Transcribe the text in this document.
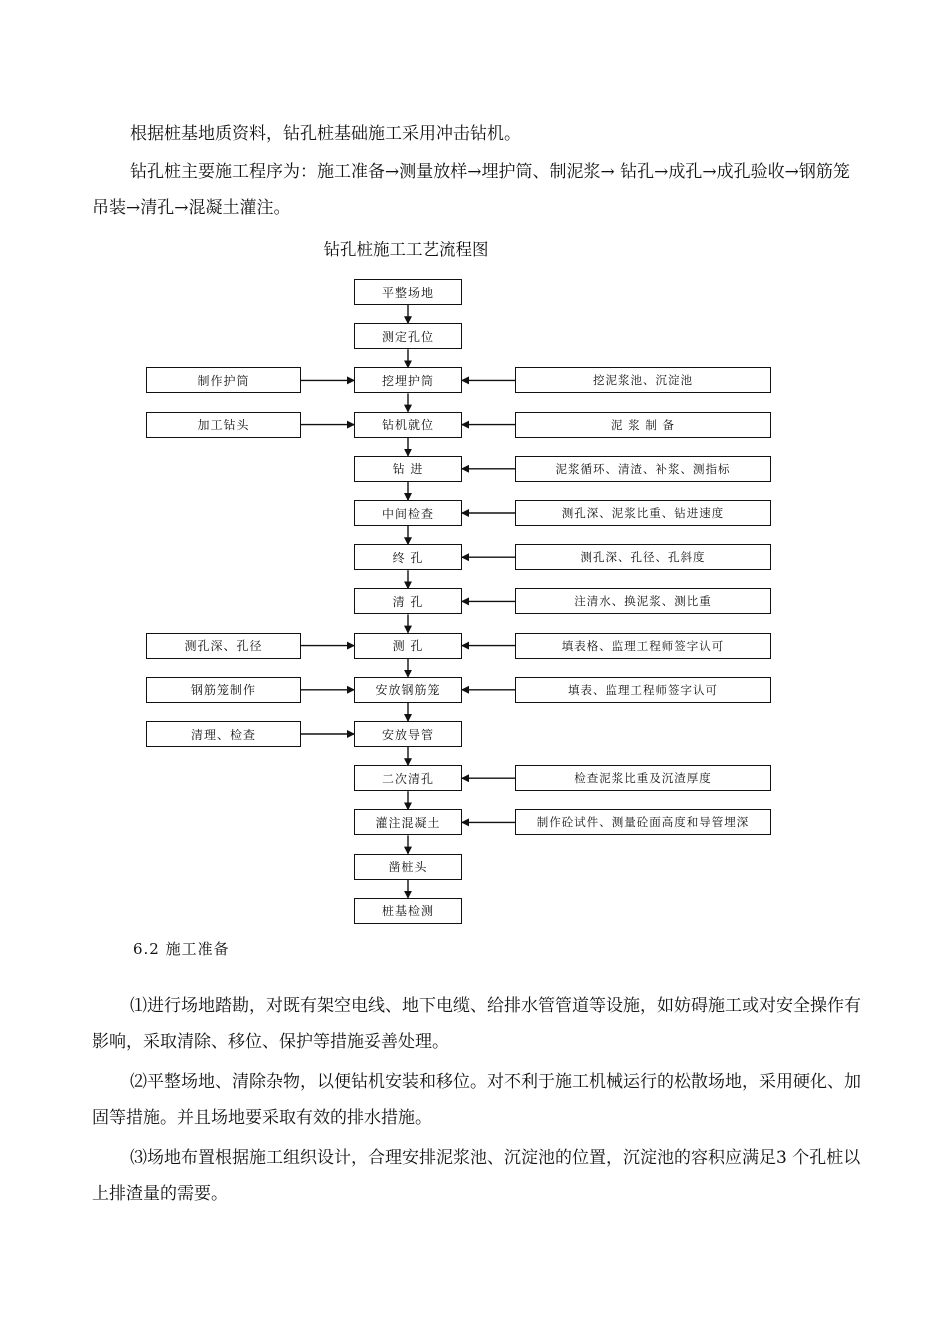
根据桩基地质资料，钻孔桩基础施工采用冲击钻机。

钻孔桩主要施工程序为：施工准备→测量放样→埋护筒、制泥浆→ 钻孔→成孔→成孔验收→钢筋笼吊装→清孔→混凝土灌注。

钻孔桩施工工艺流程图
平整场地
测定孔位
挖埋护筒
钻机就位
钻 进
中间检查
终 孔
清 孔
测 孔
安放钢筋笼
安放导管
二次清孔
灌注混凝土
凿桩头
桩基检测
制作护筒
加工钻头
测孔深、孔径
钢筋笼制作
清理、检查
挖泥浆池、沉淀池
泥 浆 制 备
泥浆循环、清渣、补浆、测指标
测孔深、泥浆比重、钻进速度
测孔深、孔径、孔斜度
注清水、换泥浆、测比重
填表格、监理工程师签字认可
填表、监理工程师签字认可
检查泥浆比重及沉渣厚度
制作砼试件、测量砼面高度和导管埋深
6.2 施工准备

⑴进行场地踏勘，对既有架空电线、地下电缆、给排水管管道等设施，如妨碍施工或对安全操作有影响，采取清除、移位、保护等措施妥善处理。

⑵平整场地、清除杂物，以便钻机安装和移位。对不利于施工机械运行的松散场地，采用硬化、加固等措施。并且场地要采取有效的排水措施。

⑶场地布置根据施工组织设计，合理安排泥浆池、沉淀池的位置，沉淀池的容积应满足3 个孔桩以上排渣量的需要。
